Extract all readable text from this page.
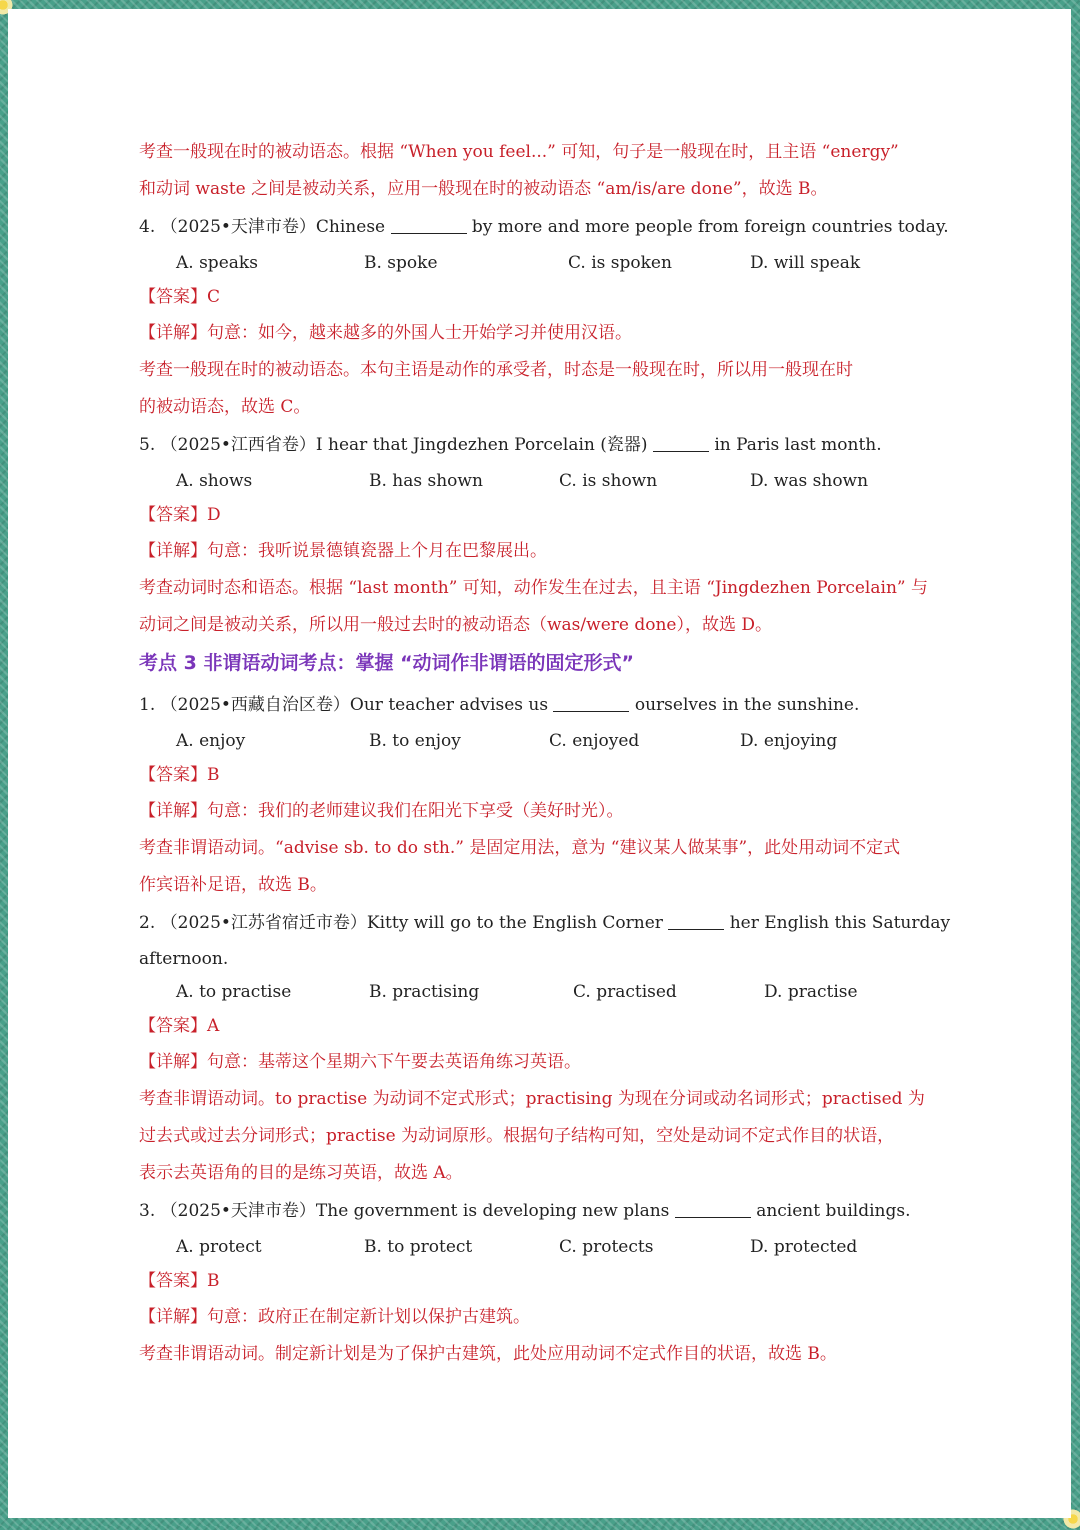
考查一般现在时的被动语态。根据 “When you feel...” 可知，句子是一般现在时，且主语 “energy”
和动词 waste 之间是被动关系，应用一般现在时的被动语态 “am/is/are done”，故选 B。
4. （2025•天津市卷）Chinese	by more and more people from foreign countries today.
A. speaks	B. spoke	C. is spoken	D. will speak
【答案】C
【详解】句意：如今，越来越多的外国人士开始学习并使用汉语。
考查一般现在时的被动语态。本句主语是动作的承受者，时态是一般现在时，所以用一般现在时
的被动语态，故选 C。
5. （2025•江西省卷）I hear that Jingdezhen Porcelain (瓷器)	in Paris last month.
A. shows	B. has shown	C. is shown	D. was shown
【答案】D
【详解】句意：我听说景德镇瓷器上个月在巴黎展出。
考查动词时态和语态。根据 “last month” 可知，动作发生在过去，且主语 “Jingdezhen Porcelain” 与
动词之间是被动关系，所以用一般过去时的被动语态（was/were done），故选 D。
考点 3 非谓语动词考点：掌握 “动词作非谓语的固定形式”
1. （2025•西藏自治区卷）Our teacher advises us	ourselves in the sunshine.
A. enjoy	B. to enjoy	C. enjoyed	D. enjoying
【答案】B
【详解】句意：我们的老师建议我们在阳光下享受（美好时光）。
考查非谓语动词。“advise sb. to do sth.” 是固定用法，意为 “建议某人做某事”，此处用动词不定式
作宾语补足语，故选 B。
2. （2025•江苏省宿迁市卷）Kitty will go to the English Corner	her English this Saturday
afternoon.
A. to practise	B. practising	C. practised	D. practise
【答案】A
【详解】句意：基蒂这个星期六下午要去英语角练习英语。
考查非谓语动词。to practise 为动词不定式形式；practising 为现在分词或动名词形式；practised 为
过去式或过去分词形式；practise 为动词原形。根据句子结构可知，空处是动词不定式作目的状语，
表示去英语角的目的是练习英语，故选 A。
3. （2025•天津市卷）The government is developing new plans	ancient buildings.
A. protect	B. to protect	C. protects	D. protected
【答案】B
【详解】句意：政府正在制定新计划以保护古建筑。
考查非谓语动词。制定新计划是为了保护古建筑，此处应用动词不定式作目的状语，故选 B。
